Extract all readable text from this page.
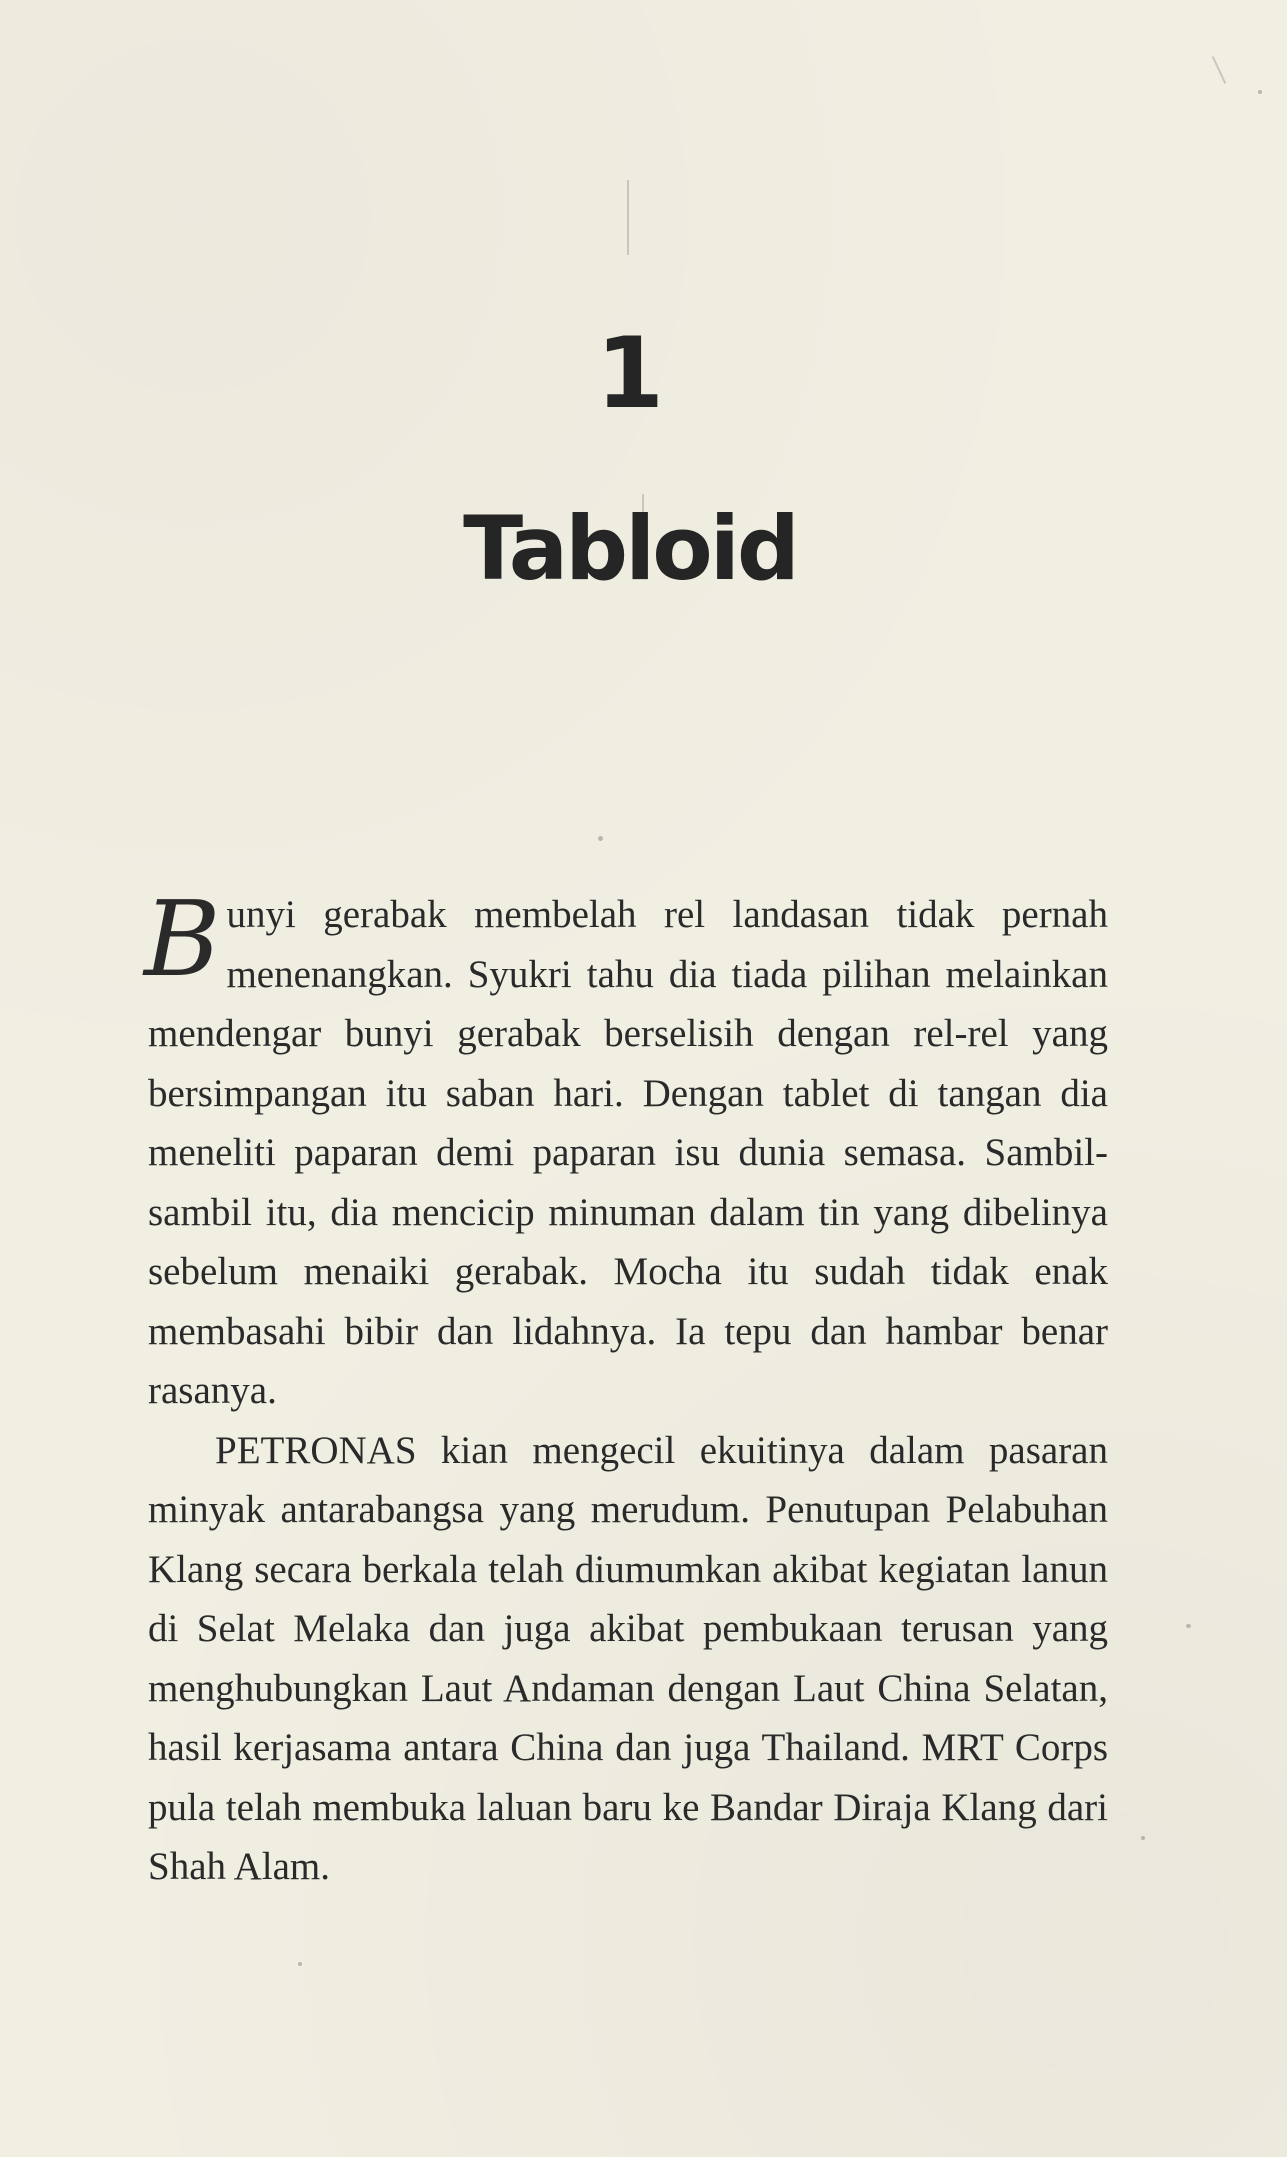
1
Tabloid

Bunyi gerabak membelah rel landasan tidak pernah menenangkan. Syukri tahu dia tiada pilihan melainkan mendengar bunyi gerabak berselisih dengan rel-rel yang bersimpangan itu saban hari. Dengan tablet di tangan dia meneliti paparan demi paparan isu dunia semasa. Sambil-sambil itu, dia mencicip minuman dalam tin yang dibelinya sebelum menaiki gerabak. Mocha itu sudah tidak enak membasahi bibir dan lidahnya. Ia tepu dan hambar benar rasanya.

PETRONAS kian mengecil ekuitinya dalam pasaran minyak antarabangsa yang merudum. Penutupan Pelabuhan Klang secara berkala telah diumumkan akibat kegiatan lanun di Selat Melaka dan juga akibat pembukaan terusan yang menghubungkan Laut Andaman dengan Laut China Selatan, hasil kerjasama antara China dan juga Thailand. MRT Corps pula telah membuka laluan baru ke Bandar Diraja Klang dari Shah Alam.
